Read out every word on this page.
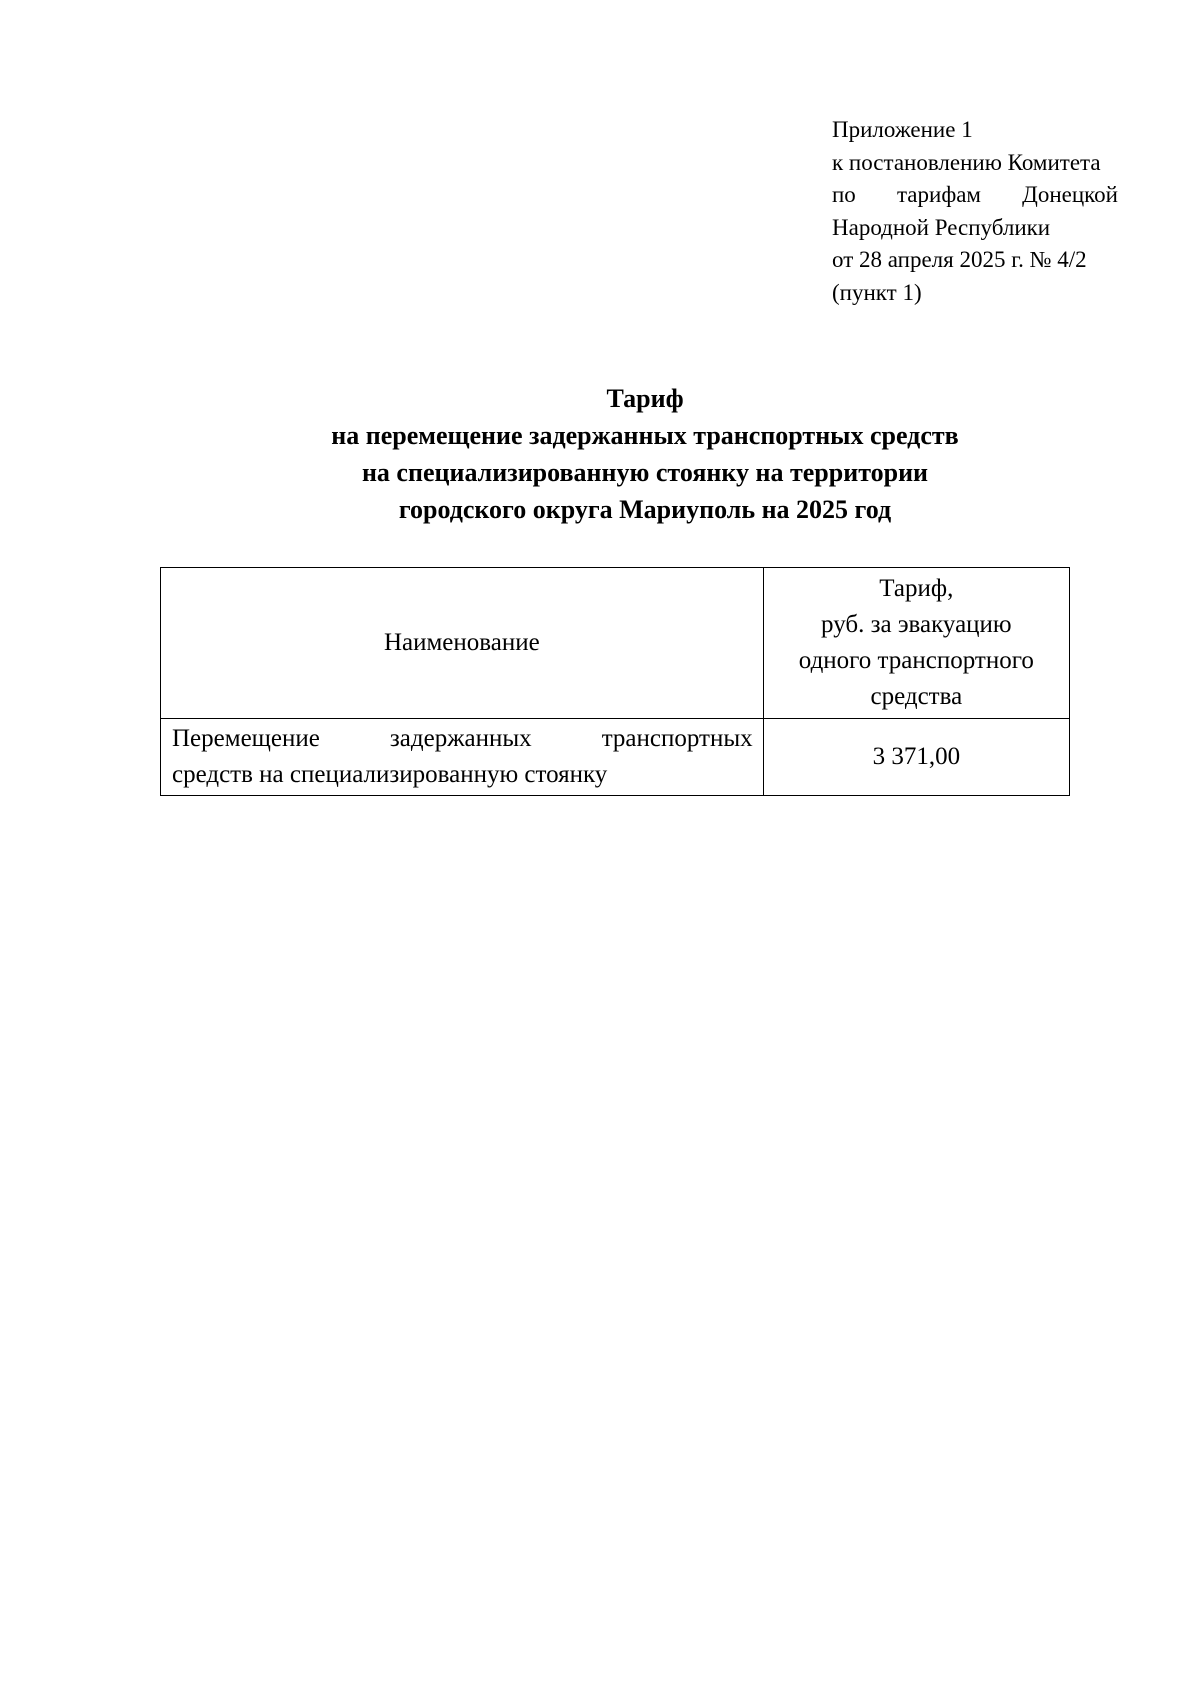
Приложение 1
к постановлению Комитета
по тарифам Донецкой
Народной Республики
от 28 апреля 2025 г. № 4/2
(пункт 1)
Тариф
на перемещение задержанных транспортных средств
на специализированную стоянку на территории
городского округа Мариуполь на 2025 год
Наименование	Тариф,
руб. за эвакуацию
одного транспортного
средства

Перемещение задержанных транспортных
средств на специализированную стоянку	3 371,00
